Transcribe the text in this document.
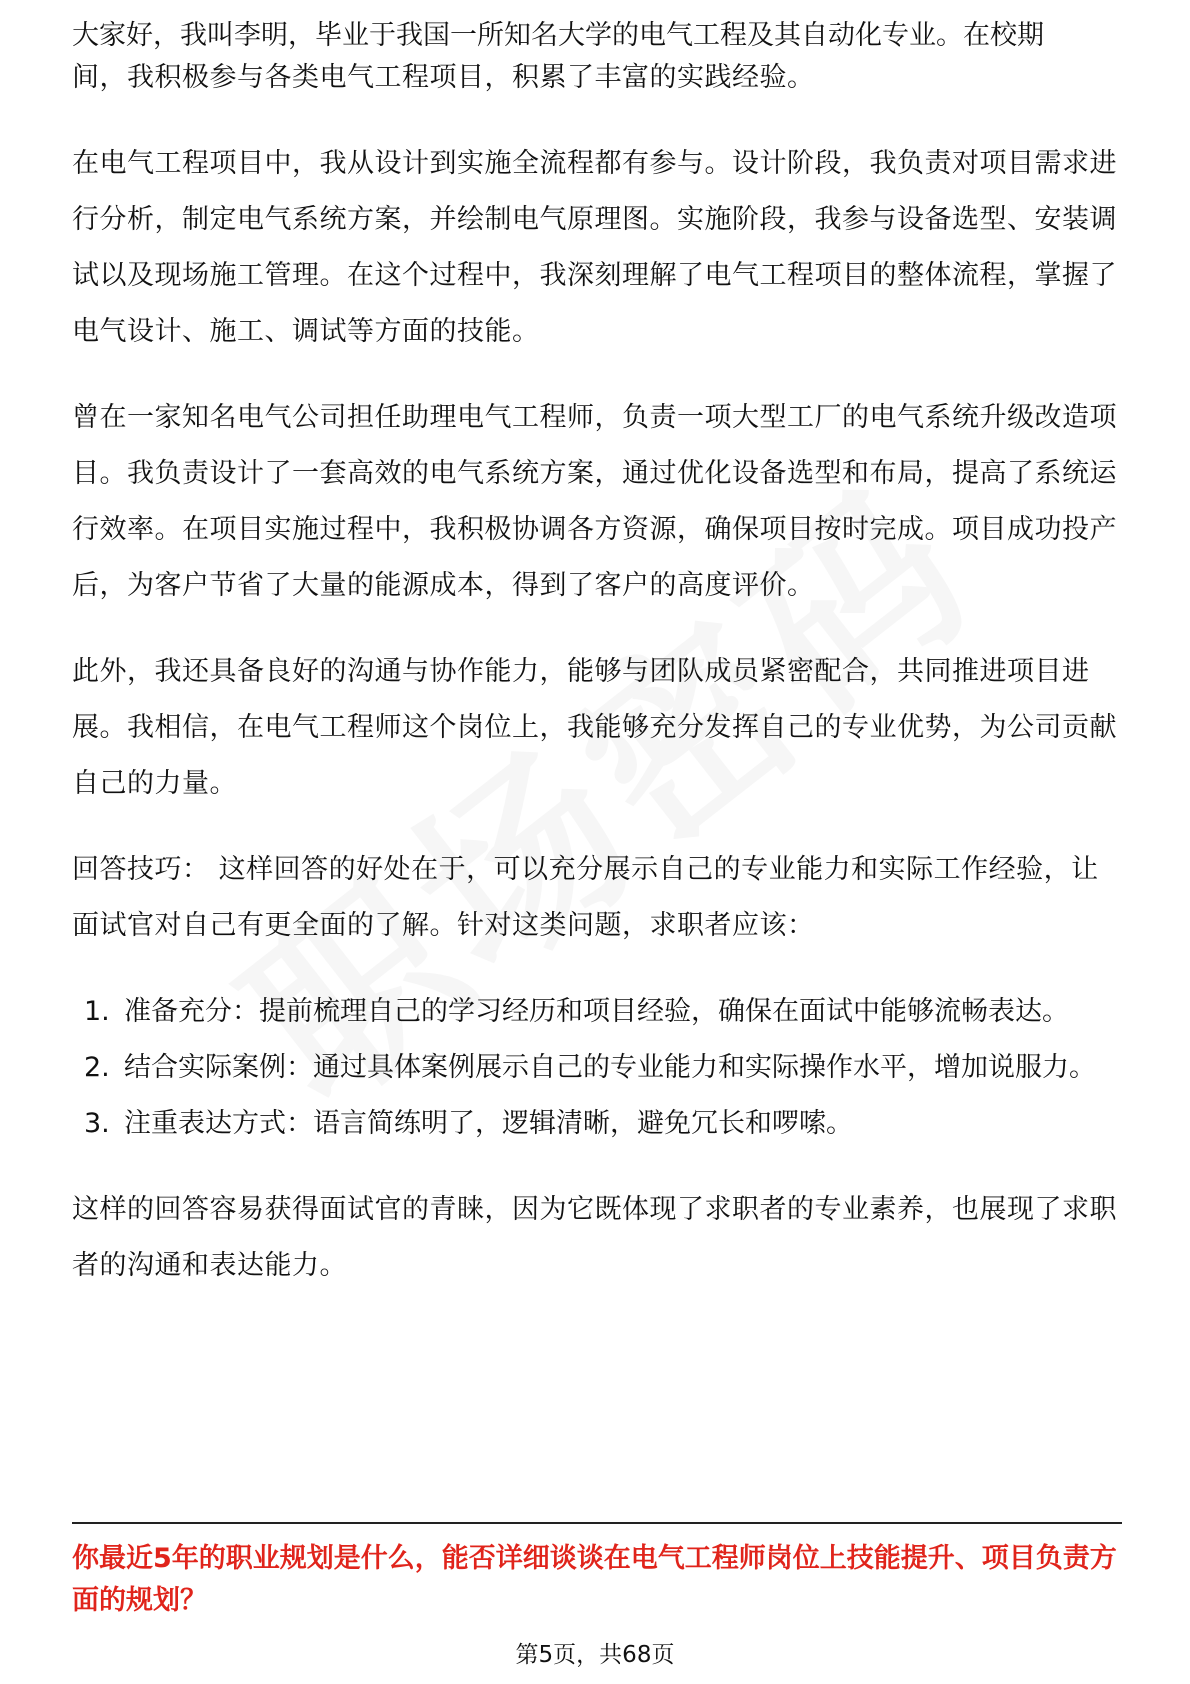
大家好，我叫李明，毕业于我国一所知名大学的电气工程及其自动化专业。在校期

间，我积极参与各类电气工程项目，积累了丰富的实践经验。

在电气工程项目中，我从设计到实施全流程都有参与。设计阶段，我负责对项目需求进行分析，制定电气系统方案，并绘制电气原理图。实施阶段，我参与设备选型、安装调试以及现场施工管理。在这个过程中，我深刻理解了电气工程项目的整体流程，掌握了电气设计、施工、调试等方面的技能。

曾在一家知名电气公司担任助理电气工程师，负责一项大型工厂的电气系统升级改造项目。我负责设计了一套高效的电气系统方案，通过优化设备选型和布局，提高了系统运行效率。在项目实施过程中，我积极协调各方资源，确保项目按时完成。项目成功投产后，为客户节省了大量的能源成本，得到了客户的高度评价。

此外，我还具备良好的沟通与协作能力，能够与团队成员紧密配合，共同推进项目进展。我相信，在电气工程师这个岗位上，我能够充分发挥自己的专业优势，为公司贡献自己的力量。

回答技巧： 这样回答的好处在于，可以充分展示自己的专业能力和实际工作经验，让面试官对自己有更全面的了解。针对这类问题，求职者应该：

1. 准备充分：提前梳理自己的学习经历和项目经验，确保在面试中能够流畅表达。
2. 结合实际案例：通过具体案例展示自己的专业能力和实际操作水平，增加说服力。
3. 注重表达方式：语言简练明了，逻辑清晰，避免冗长和啰嗦。

这样的回答容易获得面试官的青睐，因为它既体现了求职者的专业素养，也展现了求职者的沟通和表达能力。

你最近5年的职业规划是什么，能否详细谈谈在电气工程师岗位上技能提升、项目负责方面的规划？
第5页，共68页
